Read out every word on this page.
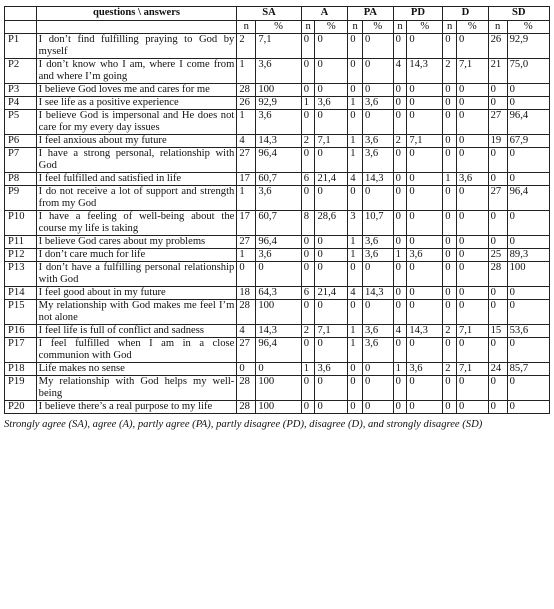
	questions \ answers	SA		A		PA		PD		D		SD	
		n	%	n	%	n	%	n	%	n	%	n	%
P1	I don’t find fulfilling praying to God by myself	2	7,1	0	0	0	0	0	0	0	0	26	92,9
P2	I don’t know who I am, where I come from and where I’m going	1	3,6	0	0	0	0	4	14,3	2	7,1	21	75,0
P3	I believe God loves me and cares for me	28	100	0	0	0	0	0	0	0	0	0	0
P4	I see life as a positive experience	26	92,9	1	3,6	1	3,6	0	0	0	0	0	0
P5	I believe God is impersonal and He does not care for my every day issues	1	3,6	0	0	0	0	0	0	0	0	27	96,4
P6	I feel anxious about my future	4	14,3	2	7,1	1	3,6	2	7,1	0	0	19	67,9
P7	I have a strong personal, relationship with God	27	96,4	0	0	1	3,6	0	0	0	0	0	0
P8	I feel fulfilled and satisfied in life	17	60,7	6	21,4	4	14,3	0	0	1	3,6	0	0
P9	I do not receive a lot of support and strength from my God	1	3,6	0	0	0	0	0	0	0	0	27	96,4
P10	I have a feeling of well-being about the course my life is taking	17	60,7	8	28,6	3	10,7	0	0	0	0	0	0
P11	I believe God cares about my problems	27	96,4	0	0	1	3,6	0	0	0	0	0	0
P12	I don’t care much for life	1	3,6	0	0	1	3,6	1	3,6	0	0	25	89,3
P13	I don’t have a fulfilling personal relationship with God	0	0	0	0	0	0	0	0	0	0	28	100
P14	I feel good about in my future	18	64,3	6	21,4	4	14,3	0	0	0	0	0	0
P15	My relationship with God makes me feel I’m not alone	28	100	0	0	0	0	0	0	0	0	0	0
P16	I feel life is full of conflict and sadness	4	14,3	2	7,1	1	3,6	4	14,3	2	7,1	15	53,6
P17	I feel fulfilled when I am in a close communion with God	27	96,4	0	0	1	3,6	0	0	0	0	0	0
P18	Life makes no sense	0	0	1	3,6	0	0	1	3,6	2	7,1	24	85,7
P19	My relationship with God helps my well-being	28	100	0	0	0	0	0	0	0	0	0	0
P20	I believe there’s a real purpose to my life	28	100	0	0	0	0	0	0	0	0	0	0
Strongly agree (SA), agree (A), partly agree (PA), partly disagree (PD), disagree (D), and strongly disagree (SD)
